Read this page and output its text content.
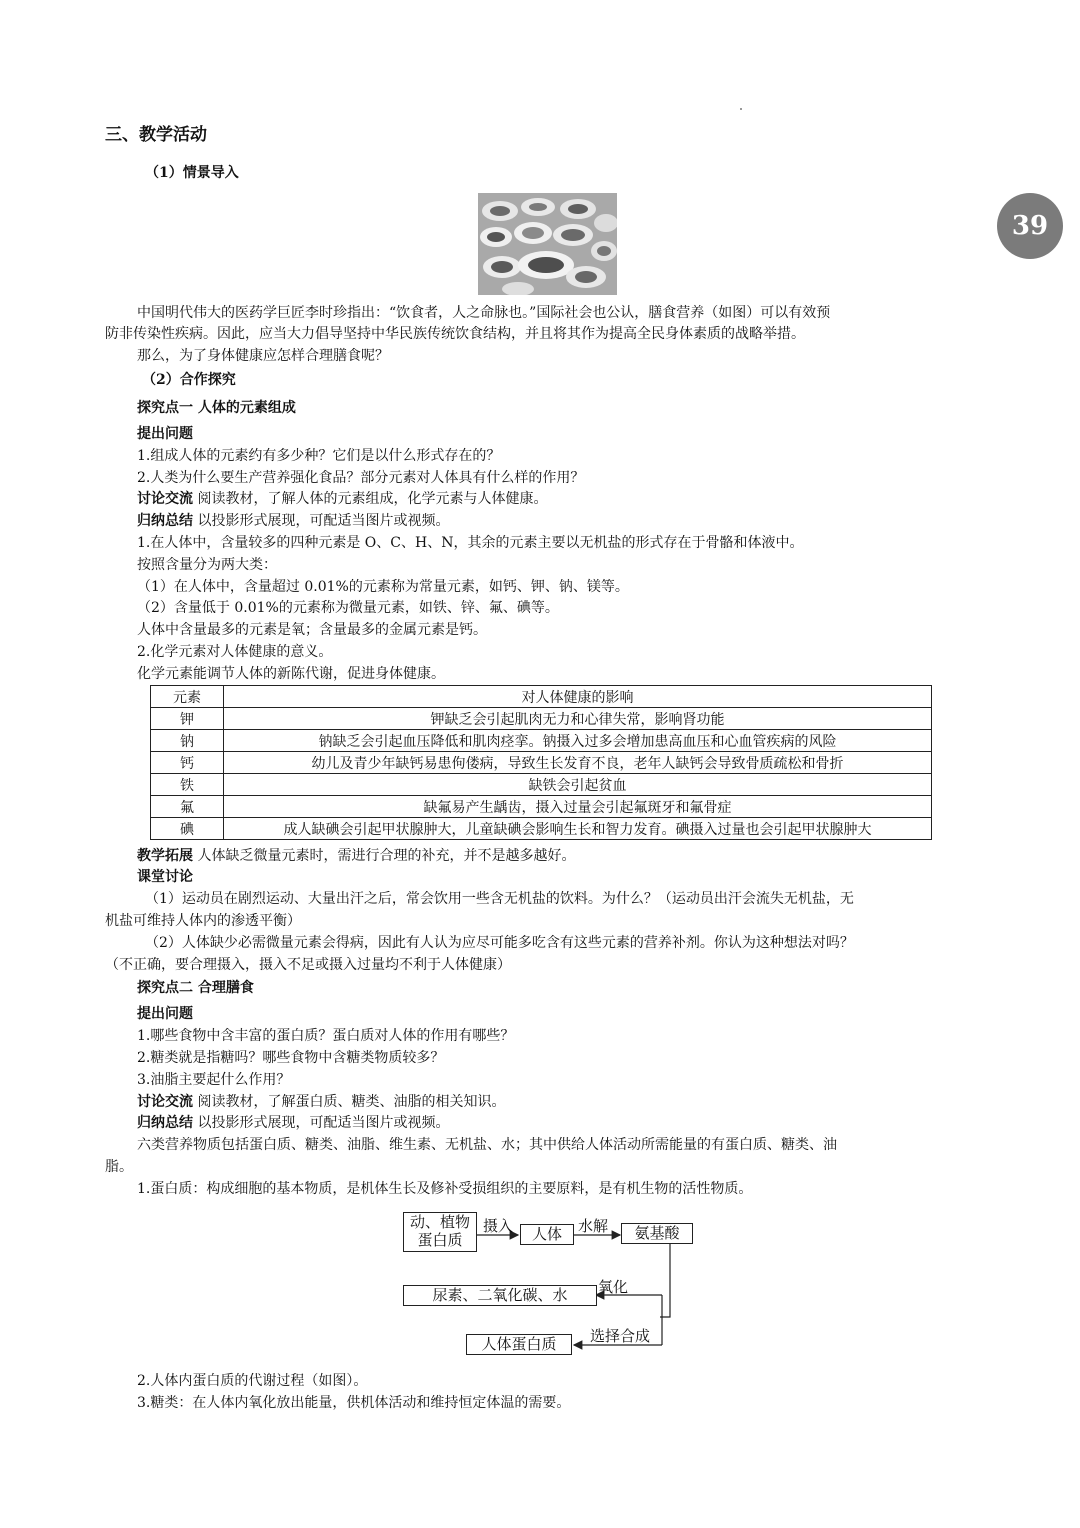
三、教学活动
39
（1）情景导入
中国明代伟大的医药学巨匠李时珍指出：“饮食者，人之命脉也。”国际社会也公认，膳食营养（如图）可以有效预
防非传染性疾病。因此，应当大力倡导坚持中华民族传统饮食结构，并且将其作为提高全民身体素质的战略举措。
那么，为了身体健康应怎样合理膳食呢？
（2）合作探究
探究点一 人体的元素组成
提出问题
1.组成人体的元素约有多少种？它们是以什么形式存在的？
2.人类为什么要生产营养强化食品？部分元素对人体具有什么样的作用？
讨论交流 阅读教材，了解人体的元素组成，化学元素与人体健康。
归纳总结 以投影形式展现，可配适当图片或视频。
1.在人体中，含量较多的四种元素是 O、C、H、N，其余的元素主要以无机盐的形式存在于骨骼和体液中。
按照含量分为两大类：
（1）在人体中，含量超过 0.01%的元素称为常量元素，如钙、钾、钠、镁等。
（2）含量低于 0.01%的元素称为微量元素，如铁、锌、氟、碘等。
人体中含量最多的元素是氧；含量最多的金属元素是钙。
2.化学元素对人体健康的意义。
化学元素能调节人体的新陈代谢，促进身体健康。
元素	对人体健康的影响
钾	钾缺乏会引起肌肉无力和心律失常，影响肾功能
钠	钠缺乏会引起血压降低和肌肉痉挛。钠摄入过多会增加患高血压和心血管疾病的风险
钙	幼儿及青少年缺钙易患佝偻病，导致生长发育不良，老年人缺钙会导致骨质疏松和骨折
铁	缺铁会引起贫血
氟	缺氟易产生龋齿，摄入过量会引起氟斑牙和氟骨症
碘	成人缺碘会引起甲状腺肿大，儿童缺碘会影响生长和智力发育。碘摄入过量也会引起甲状腺肿大
教学拓展 人体缺乏微量元素时，需进行合理的补充，并不是越多越好。
课堂讨论
（1）运动员在剧烈运动、大量出汗之后，常会饮用一些含无机盐的饮料。为什么？（运动员出汗会流失无机盐，无
机盐可维持人体内的渗透平衡）
（2）人体缺少必需微量元素会得病，因此有人认为应尽可能多吃含有这些元素的营养补剂。你认为这种想法对吗？
（不正确，要合理摄入，摄入不足或摄入过量均不利于人体健康）
探究点二 合理膳食
提出问题
1.哪些食物中含丰富的蛋白质？蛋白质对人体的作用有哪些？
2.糖类就是指糖吗？哪些食物中含糖类物质较多？
3.油脂主要起什么作用？
讨论交流 阅读教材，了解蛋白质、糖类、油脂的相关知识。
归纳总结 以投影形式展现，可配适当图片或视频。
六类营养物质包括蛋白质、糖类、油脂、维生素、无机盐、水；其中供给人体活动所需能量的有蛋白质、糖类、油
脂。
1.蛋白质：构成细胞的基本物质，是机体生长及修补受损组织的主要原料，是有机生物的活性物质。
动、植物
蛋白质
摄入	人体	水解	氨基酸
氧化
尿素、二氧化碳、水
选择合成
人体蛋白质
2.人体内蛋白质的代谢过程（如图）。
3.糖类：在人体内氧化放出能量，供机体活动和维持恒定体温的需要。
